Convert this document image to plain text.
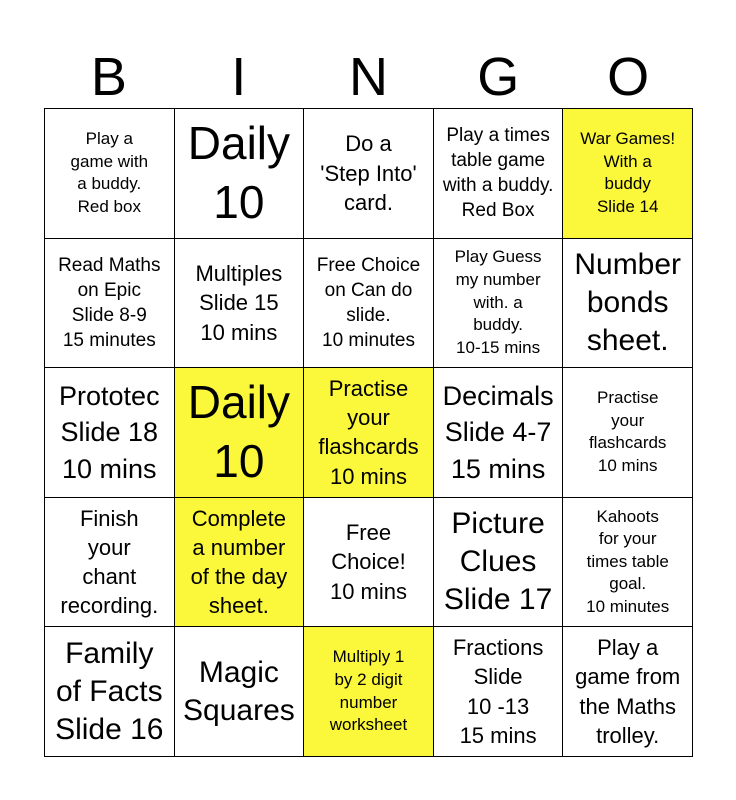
B	I	N	G	O
Play a
game with
a buddy.
Red box
Daily
10
Do a
'Step Into'
card.
Play a times
table game
with a buddy.
Red Box
War Games!
With a
buddy
Slide 14
Read Maths
on Epic
Slide 8-9
15 minutes
Multiples
Slide 15
10 mins
Free Choice
on Can do
slide.
10 minutes
Play Guess
my number
with. a
buddy.
10-15 mins
Number
bonds
sheet.
Prototec
Slide 18
10 mins
Daily
10
Practise
your
flashcards
10 mins
Decimals
Slide 4-7
15 mins
Practise
your
flashcards
10 mins
Finish
your
chant
recording.
Complete
a number
of the day
sheet.
Free
Choice!
10 mins
Picture
Clues
Slide 17
Kahoots
for your
times table
goal.
10 minutes
Family
of Facts
Slide 16
Magic
Squares
Multiply 1
by 2 digit
number
worksheet
Fractions
Slide
10 -13
15 mins
Play a
game from
the Maths
trolley.
